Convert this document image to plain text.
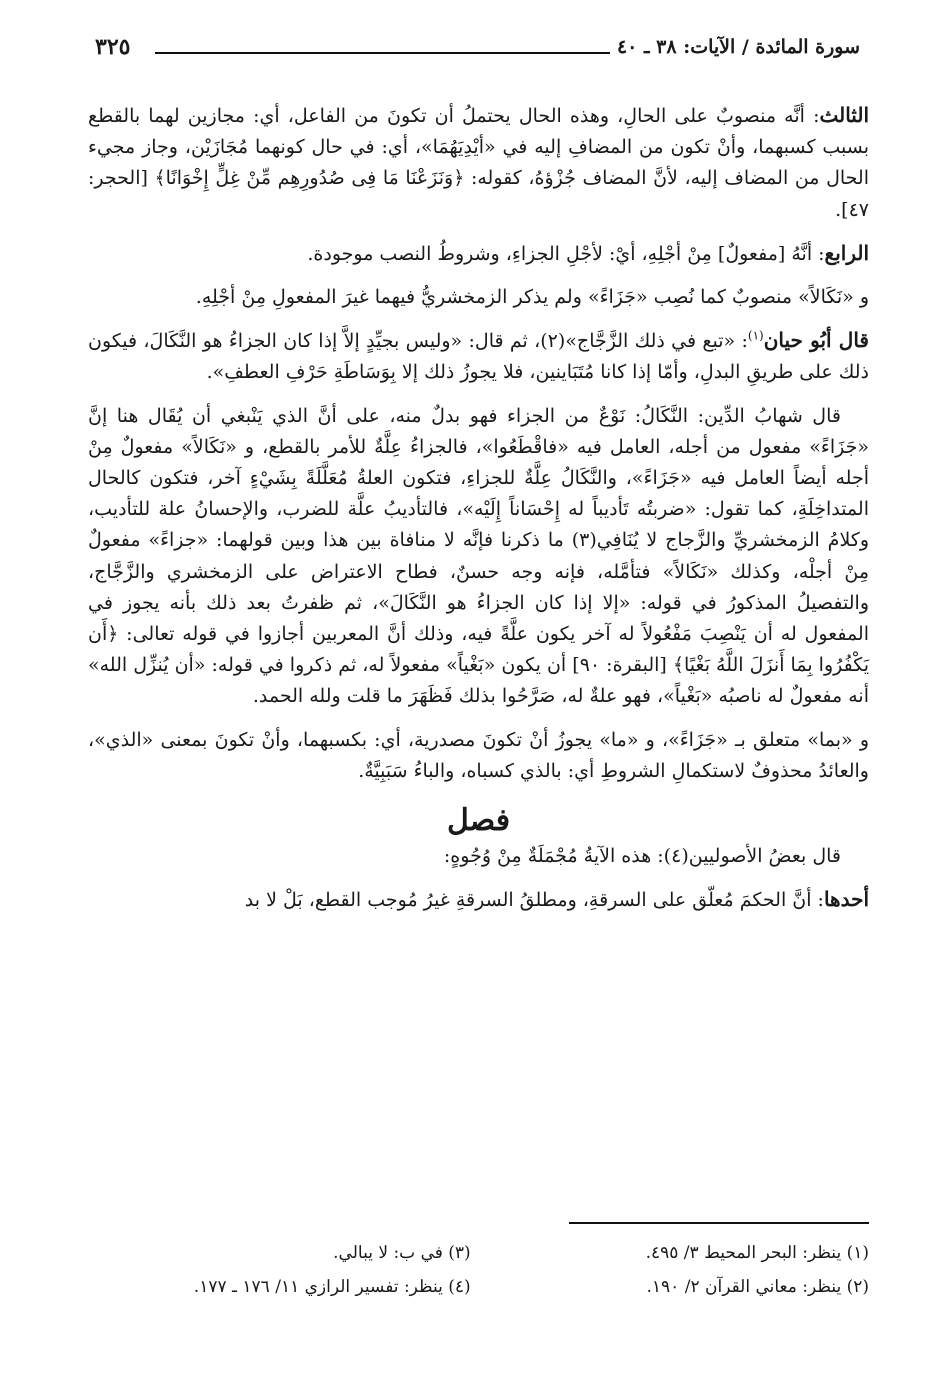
سورة المائدة / الآيات: ٣٨ ـ ٤٠
٣٢٥

الثالث: أنَّه منصوبٌ على الحالِ، وهذه الحال يحتملُ أن تكونَ من الفاعل، أي: مجازين لهما بالقطع بسبب كسبهما، وأنْ تكون من المضافِ إليه في «أيْدِيَهُمَا»، أي: في حال كونهما مُجَازَيْن، وجاز مجيء الحال من المضاف إليه، لأنَّ المضاف جُزْؤهُ، كقوله: ﴿وَنَزَعْنَا مَا فِى صُدُورِهِم مِّنْ غِلٍّ إِخْوَانًا﴾ [الحجر: ٤٧].

الرابع: أنَّهُ [مفعولٌ] مِنْ أجْلِهِ، أيْ: لأجْلِ الجزاءِ، وشروطُ النصب موجودة.

و «نَكَالاً» منصوبٌ كما نُصِب «جَزَاءً» ولم يذكر الزمخشريُّ فيهما غيرَ المفعولِ مِنْ أجْلِهِ.

قال أبُو حيان$^{(١)}$: «تبع في ذلك الزَّجَّاج»(٢)، ثم قال: «وليس بجيِّدٍ إلاَّ إذا كان الجزاءُ هو النَّكَالَ، فيكون ذلك على طريقِ البدلِ، وأمّا إذا كانا مُتَبَاينين، فلا يجوزُ ذلك إلا بِوَسَاطَةِ حَرْفِ العطفِ».

قال شهابُ الدِّين: النَّكَالُ: نَوْعٌ من الجزاء فهو بدلٌ منه، على أنَّ الذي يَنْبغي أن يُقَال هنا إنَّ «جَزَاءً» مفعول من أجله، العامل فيه «فاقْطَعُوا»، فالجزاءُ عِلَّةٌ للأمر بالقطع، و «نَكَالاً» مفعولٌ مِنْ أجله أيضاً العامل فيه «جَزَاءً»، والنَّكَالُ عِلَّةٌ للجزاءِ، فتكون العلةُ مُعَلَّلَةً بِشَيْءٍ آخر، فتكون كالحال المتداخِلَةِ، كما تقول: «ضربتُه تَأديباً له إِحْسَاناً إِلَيْه»، فالتأديبُ علَّة للضرب، والإحسانُ علة للتأديب، وكلامُ الزمخشريِّ والزَّجاج لا يُنَافِي(٣) ما ذكرنا فإنَّه لا منافاة بين هذا وبين قولهما: «جزاءً» مفعولٌ مِنْ أجلْه، وكذلك «نَكَالاً» فتأمَّله، فإنه وجه حسنٌ، فطاح الاعتراض على الزمخشري والزَّجَّاج، والتفصيلُ المذكورُ في قوله: «إلا إذا كان الجزاءُ هو النَّكَالَ»، ثم ظفرتُ بعد ذلك بأنه يجوز في المفعول له أن يَنْصِبَ مَفْعُولاً له آخر يكون علَّةً فيه، وذلك أنَّ المعربين أجازوا في قوله تعالى: ﴿أَن يَكْفُرُوا بِمَا أَنزَلَ اللَّهُ بَغْيًا﴾ [البقرة: ٩٠] أن يكون «بَغْياً» مفعولاً له، ثم ذكروا في قوله: «أن يُنزِّل الله» أنه مفعولٌ له ناصبُه «بَغْياً»، فهو علةٌ له، صَرَّحُوا بذلك فَظَهَرَ ما قلت ولله الحمد.

و «بما» متعلق بـ «جَزَاءً»، و «ما» يجوزُ أنْ تكونَ مصدرية، أي: بكسبهما، وأنْ تكونَ بمعنى «الذي»، والعائدُ محذوفٌ لاستكمالِ الشروطِ أي: بالذي كسباه، والباءُ سَبَبِيَّةٌ.

فصل

قال بعضُ الأصوليين(٤): هذه الآيةُ مُجْمَلَةٌ مِنْ وُجُوهٍ:

أحدها: أنَّ الحكمَ مُعلّق على السرقةِ، ومطلقُ السرقةِ غيرُ مُوجب القطع، بَلْ لا بد

(١) ينظر: البحر المحيط ٣/ ٤٩٥.

(٢) ينظر: معاني القرآن ٢/ ١٩٠.

(٣) في ب: لا يبالي.

(٤) ينظر: تفسير الرازي ١١/ ١٧٦ ـ ١٧٧.
